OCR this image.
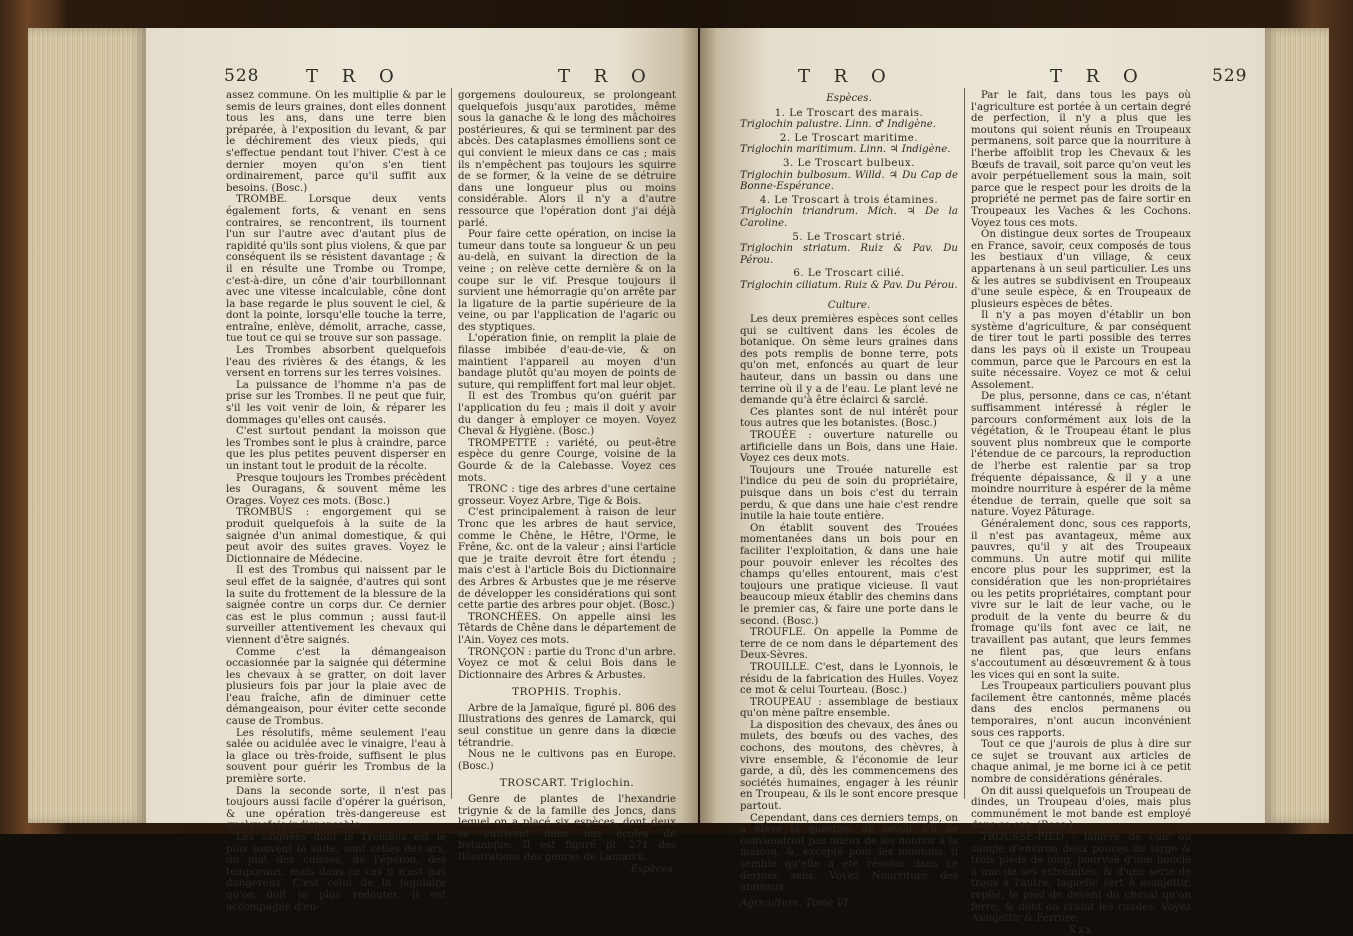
528	T R O	T R O

assez commune. On les multiplie & par le semis de leurs graines, dont elles donnent tous les ans, dans une terre bien préparée, à l'exposition du levant, & par le déchirement des vieux pieds, qui s'effectue pendant tout l'hiver. C'est à ce dernier moyen qu'on s'en tient ordinairement, parce qu'il suffit aux besoins. (Bosc.)

TROMBE. Lorsque deux vents également forts, & venant en sens contraires, se rencontrent, ils tournent l'un sur l'autre avec d'autant plus de rapidité qu'ils sont plus violens, & que par conséquent ils se résistent davantage ; & il en résulte une Trombe ou Trompe, c'est-à-dire, un cône d'air tourbillonnant avec une vitesse incalculable, cône dont la base regarde le plus souvent le ciel, & dont la pointe, lorsqu'elle touche la terre, entraîne, enlève, démolit, arrache, casse, tue tout ce qui se trouve sur son passage.

Les Trombes absorbent quelquefois l'eau des rivières & des étangs, & les versent en torrens sur les terres voisines.

La puissance de l'homme n'a pas de prise sur les Trombes. Il ne peut que fuir, s'il les voit venir de loin, & réparer les dommages qu'elles ont causés.

C'est surtout pendant la moisson que les Trombes sont le plus à craindre, parce que les plus petites peuvent disperser en un instant tout le produit de la récolte.

Presque toujours les Trombes précèdent les Ouragans, & souvent même les Orages. Voyez ces mots. (Bosc.)

TROMBUS : engorgement qui se produit quelquefois à la suite de la saignée d'un animal domestique, & qui peut avoir des suites graves. Voyez le Dictionnaire de Médecine.

Il est des Trombus qui naissent par le seul effet de la saignée, d'autres qui sont la suite du frottement de la blessure de la saignée contre un corps dur. Ce dernier cas est le plus commun ; aussi faut-il surveiller attentivement les chevaux qui viennent d'être saignés.

Comme c'est la démangeaison occasionnée par la saignée qui détermine les chevaux à se gratter, on doit laver plusieurs fois par jour la plaie avec de l'eau fraîche, afin de diminuer cette démangeaison, pour éviter cette seconde cause de Trombus.

Les résolutifs, même seulement l'eau salée ou acidulée avec le vinaigre, l'eau à la glace ou très-froide, suffisent le plus souvent pour guérir les Trombus de la première sorte.

Dans la seconde sorte, il n'est pas toujours aussi facile d'opérer la guérison, & une opération très-dangereuse est quelquefois indispensable.

Les saignées dont le Trombus est le plus souvent la suite, sont celles des ars, du plat des cuisses, de l'éperon, des temporaux, mais dans ce cas il n'est pas dangereux. C'est celui de la jugulaire qu'on doit le plus redouter. Il est accompagné d'en-

gorgemens douloureux, se prolongeant quelquefois jusqu'aux parotides, même sous la ganache & le long des mâchoires postérieures, & qui se terminent par des abcès. Des cataplasmes émolliens sont ce qui convient le mieux dans ce cas ; mais ils n'empêchent pas toujours les squirre de se former, & la veine de se détruire dans une longueur plus ou moins considérable. Alors il n'y a d'autre ressource que l'opération dont j'ai déjà parlé.

Pour faire cette opération, on incise la tumeur dans toute sa longueur & un peu au-delà, en suivant la direction de la veine ; on relève cette dernière & on la coupe sur le vif. Presque toujours il survient une hémorragie qu'on arrête par la ligature de la partie supérieure de la veine, ou par l'application de l'agaric ou des styptiques.

L'opération finie, on remplit la plaie de filasse imbibée d'eau-de-vie, & on maintient l'appareil au moyen d'un bandage plutôt qu'au moyen de points de suture, qui rempliffent fort mal leur objet.

Il est des Trombus qu'on guérit par l'application du feu ; mais il doit y avoir du danger à employer ce moyen. Voyez Cheval & Hygiène. (Bosc.)

TROMPETTE : variété, ou peut-être espèce du genre Courge, voisine de la Gourde & de la Calebasse. Voyez ces mots.

TRONC : tige des arbres d'une certaine grosseur. Voyez Arbre, Tige & Bois.

C'est principalement à raison de leur Tronc que les arbres de haut service, comme le Chêne, le Hêtre, l'Orme, le Frêne, &c. ont de la valeur ; ainsi l'article que je traite devroit être fort étendu ; mais c'est à l'article Bois du Dictionnaire des Arbres & Arbustes que je me réserve de développer les considérations qui sont cette partie des arbres pour objet. (Bosc.)

TRONCHÈES. On appelle ainsi les Têtards de Chêne dans le département de l'Ain. Voyez ces mots.

TRONÇON : partie du Tronc d'un arbre. Voyez ce mot & celui Bois dans le Dictionnaire des Arbres & Arbustes.

TROPHIS. Trophis.

Arbre de la Jamaïque, figuré pl. 806 des Illustrations des genres de Lamarck, qui seul constitue un genre dans la diœcie tétrandrie.

Nous ne le cultivons pas en Europe. (Bosc.)

TROSCART. Triglochin.

Genre de plantes de l'hexandrie trigynie & de la famille des Joncs, dans lequel on a placé six espèces, dont deux se cultivent dans nos écoles de botanique. Il est figuré pl. 271 des Illustrations des genres de Lamarck.

Espèces.

T R O	T R O	529

Espèces.

1. Le Troscart des marais.

Triglochin palustre. Linn. ♂ Indigène.

2. Le Troscart maritime.

Triglochin maritimum. Linn. ♃ Indigène.

3. Le Troscart bulbeux.

Triglochin bulbosum. Willd. ♃ Du Cap de Bonne-Espérance.

4. Le Troscart à trois étamines.

Triglochin triandrum. Mich. ♃ De la Caroline.

5. Le Troscart strié.

Triglochin striatum. Ruiz & Pav. Du Pérou.

6. Le Troscart cilié.

Triglochin ciliatum. Ruiz & Pav. Du Pérou.

Culture.

Les deux premières espèces sont celles qui se cultivent dans les écoles de botanique. On sème leurs graines dans des pots remplis de bonne terre, pots qu'on met, enfoncés au quart de leur hauteur, dans un bassin ou dans une terrine où il y a de l'eau. Le plant levé ne demande qu'à être éclairci & sarclé.

Ces plantes sont de nul intérêt pour tous autres que les botanistes. (Bosc.)

TROUÉE : ouverture naturelle ou artificielle dans un Bois, dans une Haie. Voyez ces deux mots.

Toujours une Trouée naturelle est l'indice du peu de soin du propriétaire, puisque dans un bois c'est du terrain perdu, & que dans une haie c'est rendre inutile la haie toute entière.

On établit souvent des Trouées momentanées dans un bois pour en faciliter l'exploitation, & dans une haie pour pouvoir enlever les récoltes des champs qu'elles entourent, mais c'est toujours une pratique vicieuse. Il vaut beaucoup mieux établir des chemins dans le premier cas, & faire une porte dans le second. (Bosc.)

TROUFLE. On appelle la Pomme de terre de ce nom dans le département des Deux-Sèvres.

TROUILLE. C'est, dans le Lyonnois, le résidu de la fabrication des Huiles. Voyez ce mot & celui Tourteau. (Bosc.)

TROUPEAU : assemblage de bestiaux qu'on mène paître ensemble.

La disposition des chevaux, des ânes ou mulets, des bœufs ou des vaches, des cochons, des moutons, des chèvres, à vivre ensemble, & l'économie de leur garde, a dû, dès les commencemens des sociétés humaines, engager à les réunir en Troupeau, & ils le sont encore presque partout.

Cependant, dans ces derniers temps, on a élevé la question de savoir s'il ne conviendroit pas mieux de les nourrir à la maison, &, excepté pour les moutons, il semble qu'elle a été résolue dans ce dernier sens. Voyez Nourriture des animaux.

Agriculture. Tome VI.

Par le fait, dans tous les pays où l'agriculture est portée à un certain degré de perfection, il n'y a plus que les moutons qui soient réunis en Troupeaux permanens, soit parce que la nourriture à l'herbe affoiblit trop les Chevaux & les Bœufs de travail, soit parce qu'on veut les avoir perpétuellement sous la main, soit parce que le respect pour les droits de la propriété ne permet pas de faire sortir en Troupeaux les Vaches & les Cochons. Voyez tous ces mots.

On distingue deux sortes de Troupeaux en France, savoir, ceux composés de tous les bestiaux d'un village, & ceux appartenans à un seul particulier. Les uns & les autres se subdivisent en Troupeaux d'une seule espèce, & en Troupeaux de plusieurs espèces de bêtes.

Il n'y a pas moyen d'établir un bon système d'agriculture, & par conséquent de tirer tout le parti possible des terres dans les pays où il existe un Troupeau commun, parce que le Parcours en est la suite nécessaire. Voyez ce mot & celui Assolement.

De plus, personne, dans ce cas, n'étant suffisamment intéressé à régler le parcours conformément aux lois de la végétation, & le Troupeau étant le plus souvent plus nombreux que le comporte l'étendue de ce parcours, la reproduction de l'herbe est ralentie par sa trop fréquente dépaissance, & il y a une moindre nourriture à espérer de la même étendue de terrain, quelle que soit sa nature. Voyez Pâturage.

Généralement donc, sous ces rapports, il n'est pas avantageux, même aux pauvres, qu'il y ait des Troupeaux communs. Un autre motif qui milite encore plus pour les supprimer, est la considération que les non-propriétaires ou les petits propriétaires, comptant pour vivre sur le lait de leur vache, ou le produit de la vente du beurre & du fromage qu'ils font avec ce lait, ne travaillent pas autant, que leurs femmes ne filent pas, que leurs enfans s'accoutument au désœuvrement & à tous les vices qui en sont la suite.

Les Troupeaux particuliers pouvant plus facilement être cantonnés, même placés dans des enclos permanens ou temporaires, n'ont aucun inconvénient sous ces rapports.

Tout ce que j'aurois de plus à dire sur ce sujet se trouvant aux articles de chaque animal, je me borne ici à ce petit nombre de considérations générales.

On dit aussi quelquefois un Troupeau de dindes, un Troupeau d'oies, mais plus communément le mot bande est employé dans ce cas. (Bosc.)

TROUSSE-PIED : lanière de cuir ou sangle d'environ deux pouces de large & trois pieds de long, pourvue d'une boucle à une de ses extrémités, & d'une série de trous à l'autre, laquelle sert à assujettir, replié, le pied de devant du cheval qu'on ferre, & dont on craint les ruades. Voyez Assujettir & Ferrure.

Xxx
